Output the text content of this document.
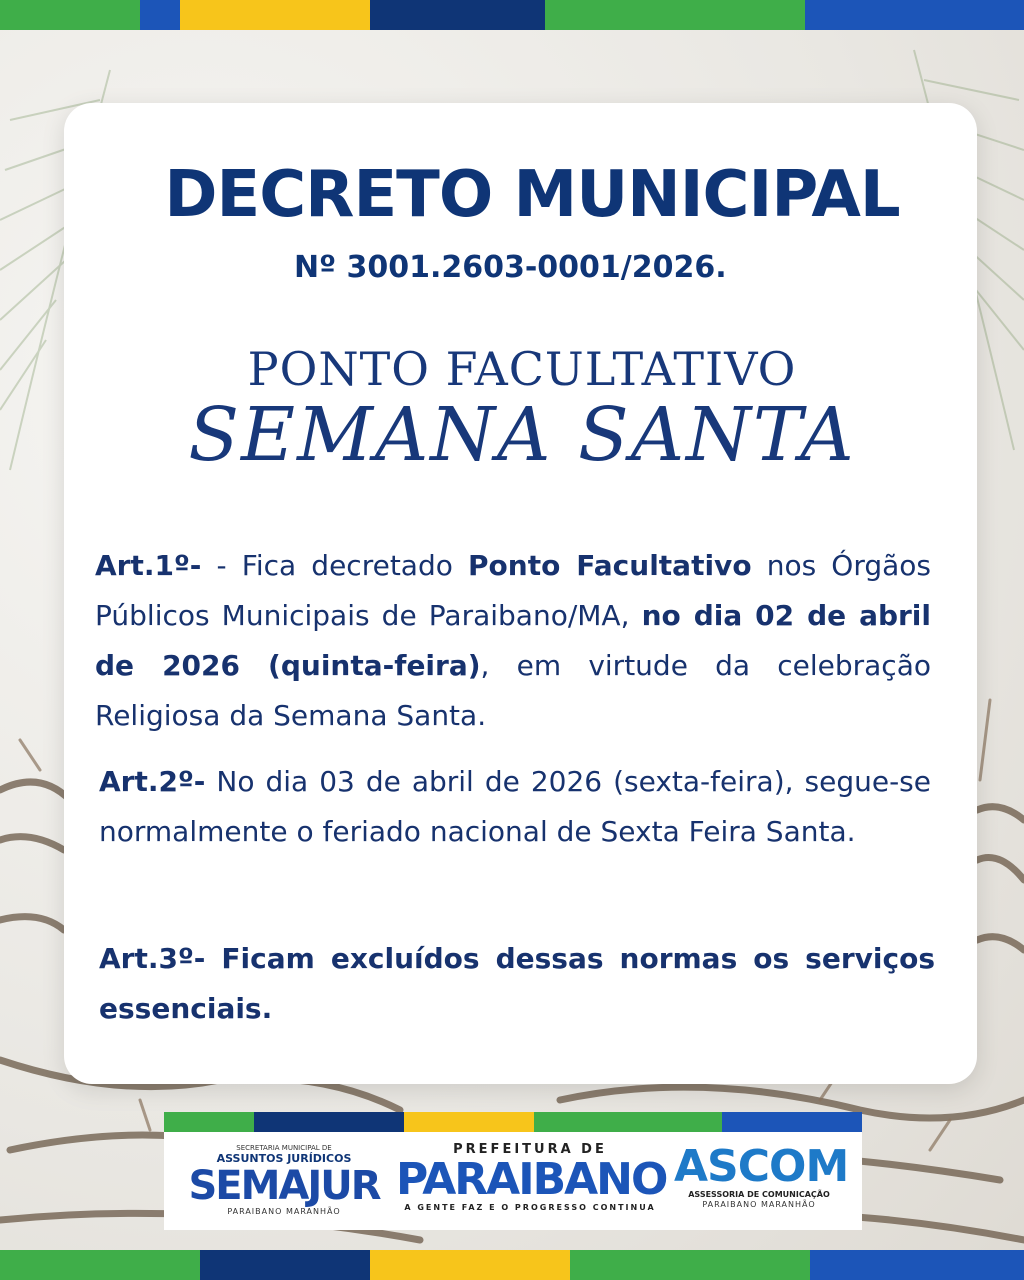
DECRETO MUNICIPAL
Nº 3001.2603-0001/2026.
PONTO FACULTATIVO
SEMANA SANTA
Art.1º- - Fica decretado Ponto Facultativo nos Órgãos Públicos Municipais de Paraibano/MA, no dia 02 de abril de 2026 (quinta-feira), em virtude da celebração Religiosa da Semana Santa.
Art.2º- No dia 03 de abril de 2026 (sexta-feira), segue-se normalmente o feriado nacional de Sexta Feira Santa.
Art.3º- Ficam excluídos dessas normas os serviços essenciais.
SECRETARIA MUNICIPAL DE
ASSUNTOS JURÍDICOS
SEMAJUR
PARAIBANO MARANHÃO
PREFEITURA DE
PARAIBANO
A GENTE FAZ E O PROGRESSO CONTINUA
ASCOM
ASSESSORIA DE COMUNICAÇÃO
PARAIBANO MARANHÃO
